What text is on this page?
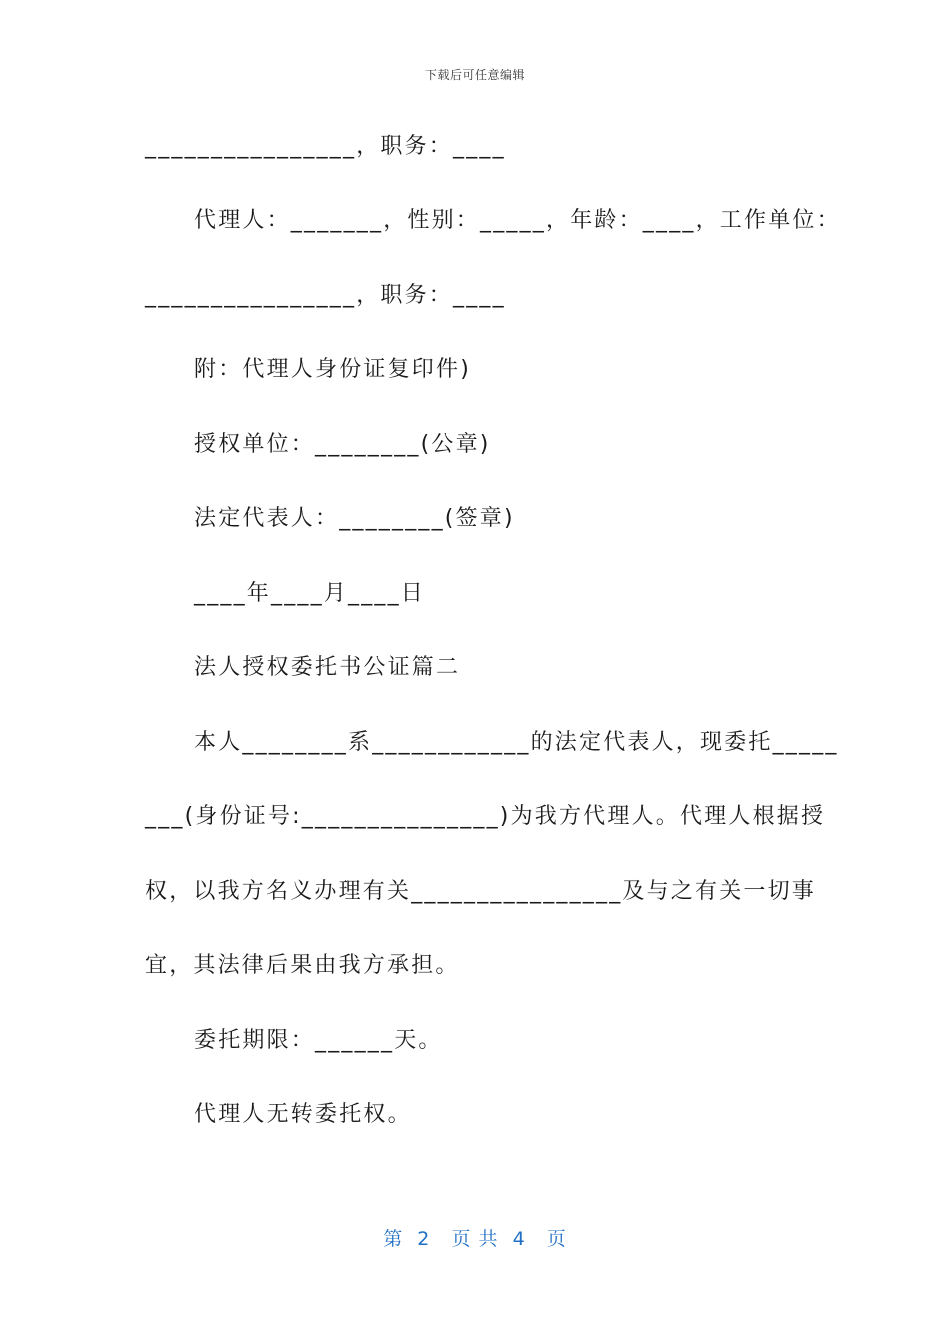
下载后可任意编辑

________________，职务：____

代理人：_______，性别：_____，年龄：____，工作单位：

________________，职务：____

附：代理人身份证复印件)

授权单位：________(公章)

法定代表人：________(签章)

____年____月____日

法人授权委托书公证篇二

本人________系____________的法定代表人，现委托_____

___(身份证号:_______________)为我方代理人。代理人根据授

权，以我方名义办理有关________________及与之有关一切事

宜，其法律后果由我方承担。

委托期限：______天。

代理人无转委托权。

第  2   页 共  4   页
